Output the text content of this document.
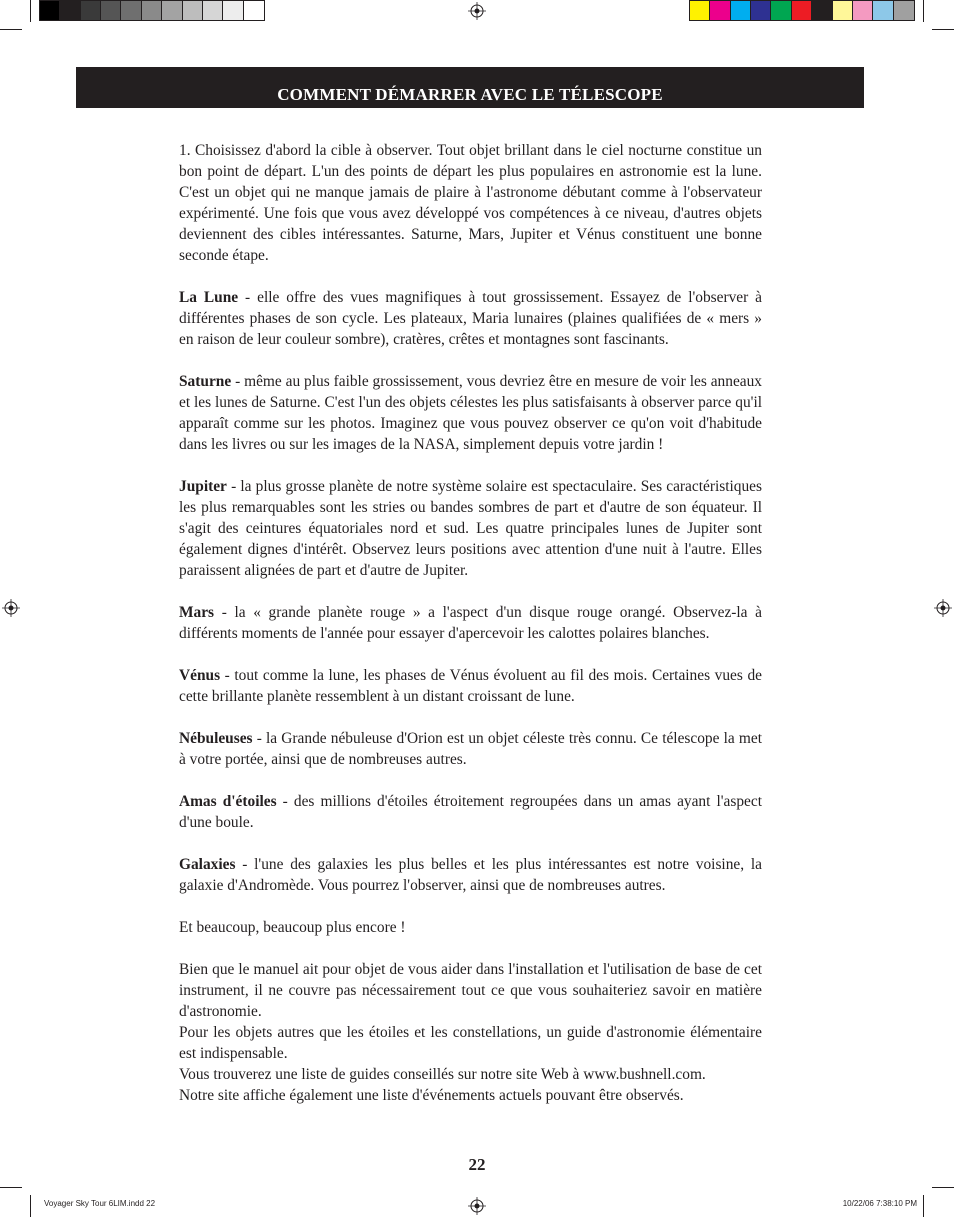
COMMENT DÉMARRER AVEC LE TÉLESCOPE

1. Choisissez d'abord la cible à observer. Tout objet brillant dans le ciel nocturne constitue un bon point de départ. L'un des points de départ les plus populaires en astronomie est la lune. C'est un objet qui ne manque jamais de plaire à l'astronome débutant comme à l'observateur expérimenté. Une fois que vous avez développé vos compétences à ce niveau, d'autres objets deviennent des cibles intéressantes. Saturne, Mars, Jupiter et Vénus constituent une bonne seconde étape.

La Lune - elle offre des vues magnifiques à tout grossissement. Essayez de l'observer à différentes phases de son cycle. Les plateaux, Maria lunaires (plaines qualifiées de « mers » en raison de leur couleur sombre), cratères, crêtes et montagnes sont fascinants.

Saturne - même au plus faible grossissement, vous devriez être en mesure de voir les anneaux et les lunes de Saturne. C'est l'un des objets célestes les plus satisfaisants à observer parce qu'il apparaît comme sur les photos. Imaginez que vous pouvez observer ce qu'on voit d'habitude dans les livres ou sur les images de la NASA, simplement depuis votre jardin !

Jupiter - la plus grosse planète de notre système solaire est spectaculaire. Ses caractéristiques les plus remarquables sont les stries ou bandes sombres de part et d'autre de son équateur. Il s'agit des ceintures équatoriales nord et sud. Les quatre principales lunes de Jupiter sont également dignes d'intérêt. Observez leurs positions avec attention d'une nuit à l'autre. Elles paraissent alignées de part et d'autre de Jupiter.

Mars - la « grande planète rouge » a l'aspect d'un disque rouge orangé. Observez-la à différents moments de l'année pour essayer d'apercevoir les calottes polaires blanches.

Vénus - tout comme la lune, les phases de Vénus évoluent au fil des mois. Certaines vues de cette brillante planète ressemblent à un distant croissant de lune.

Nébuleuses - la Grande nébuleuse d'Orion est un objet céleste très connu. Ce télescope la met à votre portée, ainsi que de nombreuses autres.

Amas d'étoiles - des millions d'étoiles étroitement regroupées dans un amas ayant l'aspect d'une boule.

Galaxies - l'une des galaxies les plus belles et les plus intéressantes est notre voisine, la galaxie d'Andromède. Vous pourrez l'observer, ainsi que de nombreuses autres.

Et beaucoup, beaucoup plus encore !

Bien que le manuel ait pour objet de vous aider dans l'installation et l'utilisation de base de cet instrument, il ne couvre pas nécessairement tout ce que vous souhaiteriez savoir en matière d'astronomie.

Pour les objets autres que les étoiles et les constellations, un guide d'astronomie élémentaire est indispensable.

Vous trouverez une liste de guides conseillés sur notre site Web à www.bushnell.com.

Notre site affiche également une liste d'événements actuels pouvant être observés.

22
Voyager Sky Tour 6LIM.indd 22	10/22/06 7:38:10 PM
